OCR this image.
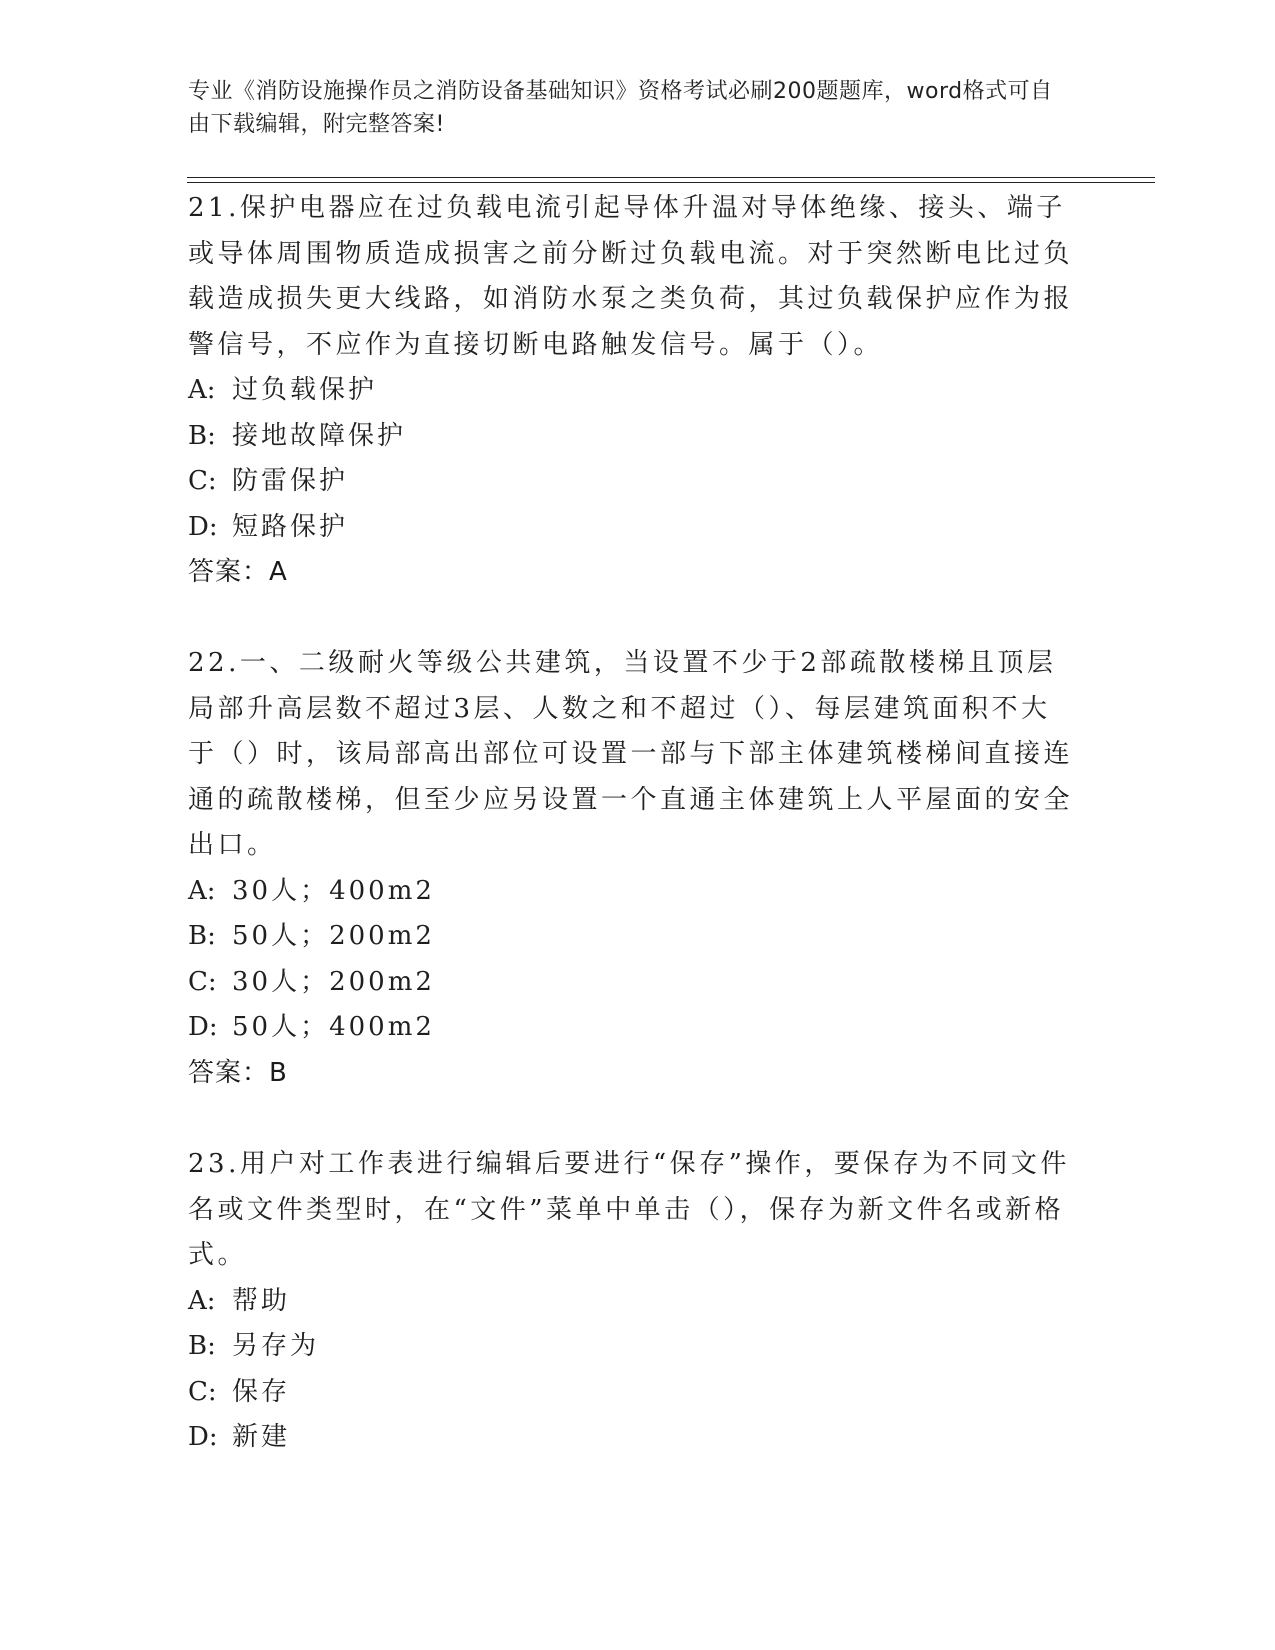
专业《消防设施操作员之消防设备基础知识》资格考试必刷200题题库，word格式可自由下载编辑，附完整答案!

21.保护电器应在过负载电流引起导体升温对导体绝缘、接头、端子或导体周围物质造成损害之前分断过负载电流。对于突然断电比过负载造成损失更大线路，如消防水泵之类负荷，其过负载保护应作为报警信号，不应作为直接切断电路触发信号。属于（）。

A: 过负载保护

B: 接地故障保护

C: 防雷保护

D: 短路保护

答案：A

22.一、二级耐火等级公共建筑，当设置不少于2部疏散楼梯且顶层局部升高层数不超过3层、人数之和不超过（）、每层建筑面积不大于（）时，该局部高出部位可设置一部与下部主体建筑楼梯间直接连通的疏散楼梯，但至少应另设置一个直通主体建筑上人平屋面的安全出口。

A: 30人；400m2

B: 50人；200m2

C: 30人；200m2

D: 50人；400m2

答案：B

23.用户对工作表进行编辑后要进行“保存”操作，要保存为不同文件名或文件类型时，在“文件”菜单中单击（），保存为新文件名或新格式。

A: 帮助

B: 另存为

C: 保存

D: 新建
